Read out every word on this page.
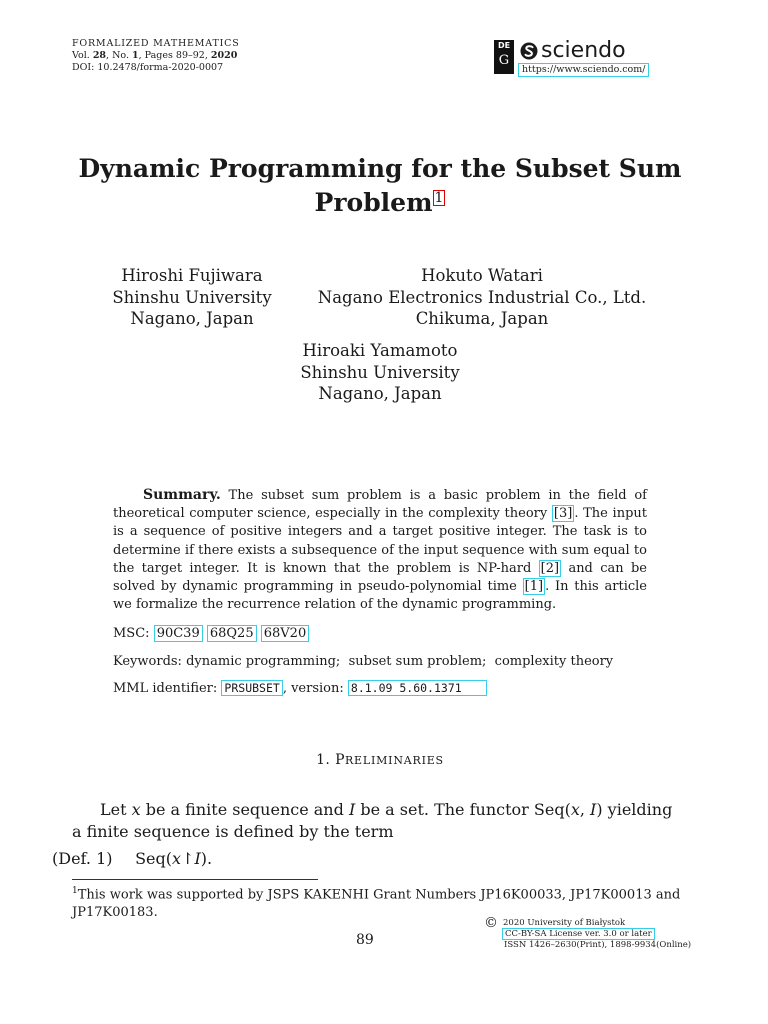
FORMALIZED MATHEMATICS
Vol. 28, No. 1, Pages 89–92, 2020
DOI: 10.2478/forma-2020-0007
DE
G sciendo
https://www.sciendo.com/
Dynamic Programming for the Subset Sum
Problem 1
Hiroshi Fujiwara
Shinshu University
Nagano, Japan
Hokuto Watari
Nagano Electronics Industrial Co., Ltd.
Chikuma, Japan
Hiroaki Yamamoto
Shinshu University
Nagano, Japan
Summary. The subset sum problem is a basic problem in the field of theoretical computer science, especially in the complexity theory [3] . The input is a sequence of positive integers and a target positive integer. The task is to determine if there exists a subsequence of the input sequence with sum equal to the target integer. It is known that the problem is NP-hard [2] and can be solved by dynamic programming in pseudo-polynomial time [1] . In this article we formalize the recurrence relation of the dynamic programming.
MSC: 90C39 68Q25 68V20
Keywords: dynamic programming;  subset sum problem;  complexity theory
MML identifier: PRSUBSET , version: 8.1.09 5.60.1371
1. PRELIMINARIES
Let x be a finite sequence and I be a set. The functor Seq(x, I) yielding
a finite sequence is defined by the term
(Def. 1) Seq(x↾I).
$^1$This work was supported by JSPS KAKENHI Grant Numbers JP16K00033, JP17K00013 and JP17K00183.
89
© 2020 University of Białystok
CC-BY-SA License ver. 3.0 or later
ISSN 1426–2630(Print), 1898-9934(Online)
